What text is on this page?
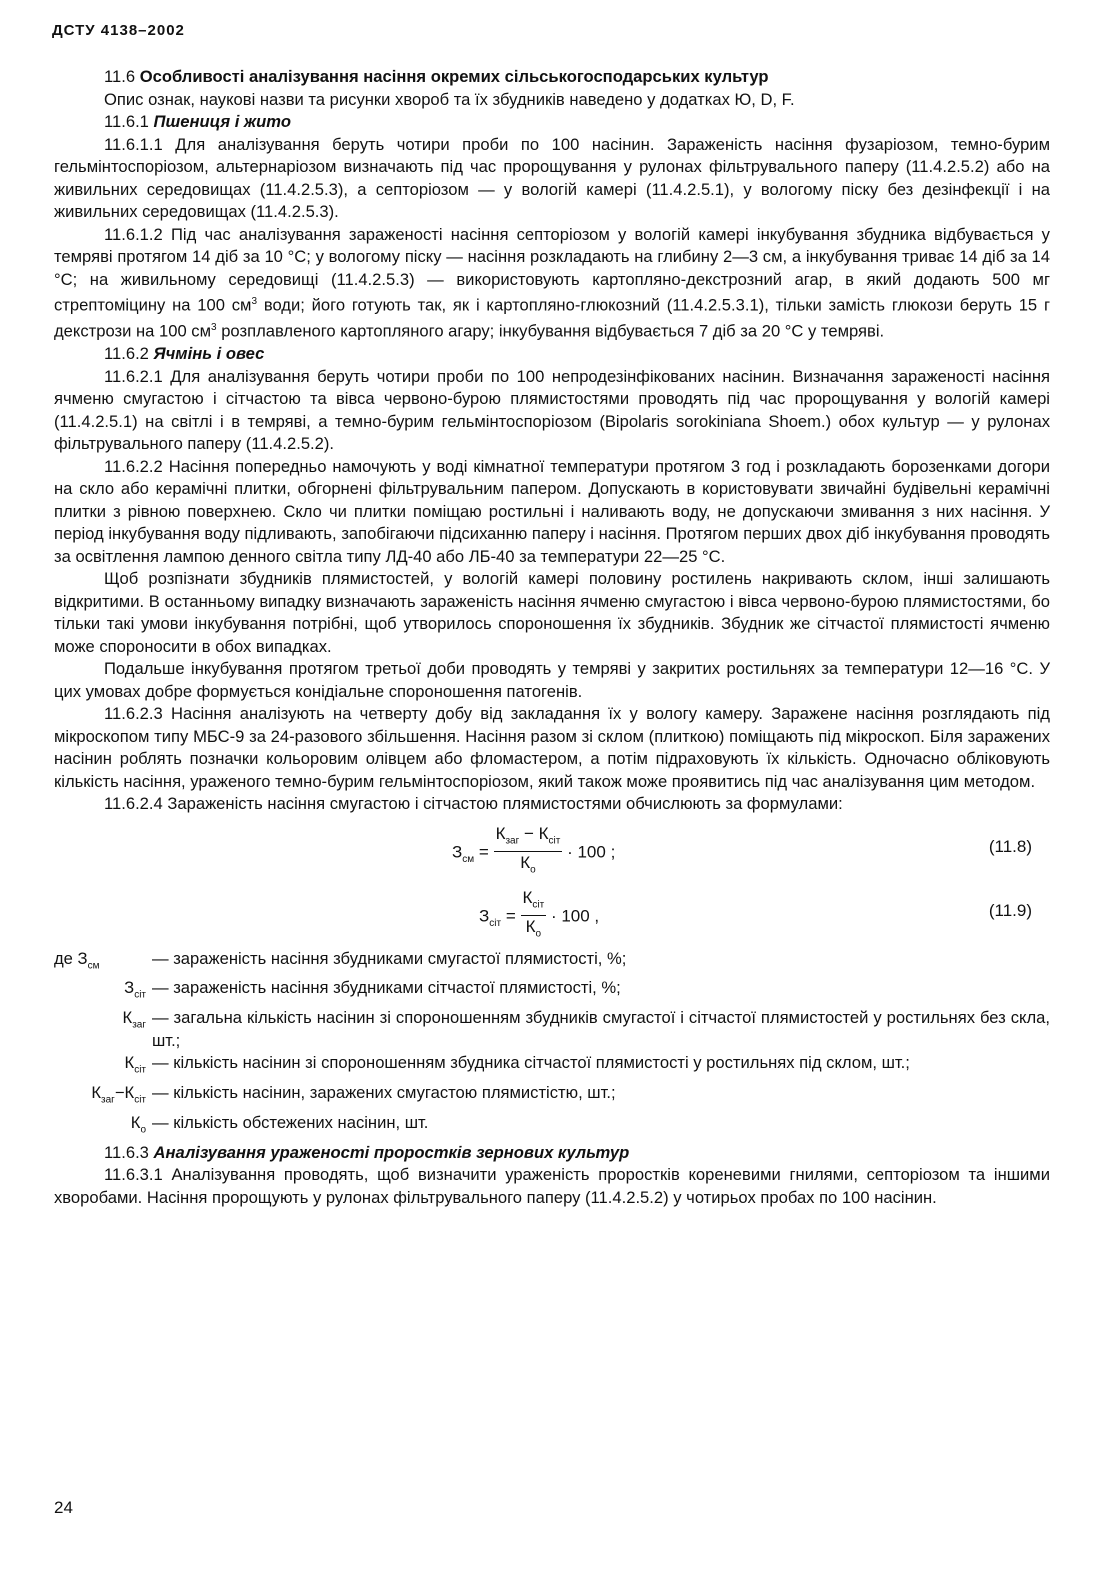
ДСТУ 4138–2002

11.6 Особливості аналізування насіння окремих сільськогосподарських культур

Опис ознак, наукові назви та рисунки хвороб та їх збудників наведено у додатках Ю, D, F.

11.6.1 Пшениця і жито

11.6.1.1 Для аналізування беруть чотири проби по 100 насінин. Зараженість насіння фузаріозом, темно-бурим гельмінтоспоріозом, альтернаріозом визначають під час пророщування у рулонах фільтрувального паперу (11.4.2.5.2) або на живильних середовищах (11.4.2.5.3), а септоріозом — у вологій камері (11.4.2.5.1), у вологому піску без дезінфекції і на живильних середовищах (11.4.2.5.3).

11.6.1.2 Під час аналізування зараженості насіння септоріозом у вологій камері інкубування збудника відбувається у темряві протягом 14 діб за 10 °С; у вологому піску — насіння розкладають на глибину 2—3 см, а інкубування триває 14 діб за 14 °С; на живильному середовищі (11.4.2.5.3) — використовують картопляно-декстрозний агар, в який додають 500 мг стрептоміцину на 100 $см^3$ води; його готують так, як і картопляно-глюкозний (11.4.2.5.3.1), тільки замість глюкози беруть 15 г декстрози на 100 $см^3$ розплавленого картопляного агару; інкубування відбувається 7 діб за 20 °С у темряві.

11.6.2 Ячмінь і овес

11.6.2.1 Для аналізування беруть чотири проби по 100 непродезінфікованих насінин. Визначання зараженості насіння ячменю смугастою і сітчастою та вівса червоно-бурою плямистостями проводять під час пророщування у вологій камері (11.4.2.5.1) на світлі і в темряві, а темно-бурим гельмінтоспоріозом (Bipolaris sorokiniana Shoem.) обох культур — у рулонах фільтрувального паперу (11.4.2.5.2).

11.6.2.2 Насіння попередньо намочують у воді кімнатної температури протягом 3 год і розкладають борозенками догори на скло або керамічні плитки, обгорнені фільтрувальним папером. Допускають в користовувати звичайні будівельні керамічні плитки з рівною поверхнею. Скло чи плитки поміщаю ростильні і наливають воду, не допускаючи змивання з них насіння. У період інкубування воду підливають, запобігаючи підсиханню паперу і насіння. Протягом перших двох діб інкубування проводять за освітлення лампою денного світла типу ЛД-40 або ЛБ-40 за температури 22—25 °С.

Щоб розпізнати збудників плямистостей, у вологій камері половину ростилень накривають склом, інші залишають відкритими. В останньому випадку визначають зараженість насіння ячменю смугастою і вівса червоно-бурою плямистостями, бо тільки такі умови інкубування потрібні, щоб утворилось спороношення їх збудників. Збудник же сітчастої плямистості ячменю може спороносити в обох випадках.

Подальше інкубування протягом третьої доби проводять у темряві у закритих ростильнях за температури 12—16 °С. У цих умовах добре формується конідіальне спороношення патогенів.

11.6.2.3 Насіння аналізують на четверту добу від закладання їх у вологу камеру. Заражене насіння розглядають під мікроскопом типу МБС-9 за 24-разового збільшення. Насіння разом зі склом (плиткою) поміщають під мікроскоп. Біля заражених насінин роблять позначки кольоровим олівцем або фломастером, а потім підраховують їх кількість. Одночасно обліковують кількість насіння, ураженого темно-бурим гельмінтоспоріозом, який також може проявитись під час аналізування цим методом.

11.6.2.4 Зараженість насіння смугастою і сітчастою плямистостями обчислюють за формулами:

$З_{см} = \frac{К_{заг} - К_{сіт}}{К_о} \cdot 100$ ;	(11.8)
$З_{сіт} = \frac{К_{сіт}}{К_о} \cdot 100$ ,	(11.9)
де $З_{см}$	— зараженість насіння збудниками смугастої плямистості, %;
$З_{сіт}$ — зараженість насіння збудниками сітчастої плямистості, %;
$К_{заг}$ — загальна кількість насінин зі спороношенням збудників смугастої і сітчастої плямистостей у ростильнях без скла, шт.;
$К_{сіт}$ — кількість насінин зі спороношенням збудника сітчастої плямистості у ростильнях під склом, шт.;
$К_{заг}-К_{сіт}$ — кількість насінин, заражених смугастою плямистістю, шт.;
$К_о$ — кількість обстежених насінин, шт.

11.6.3 Аналізування ураженості проростків зернових культур

11.6.3.1 Аналізування проводять, щоб визначити ураженість проростків кореневими гнилями, септоріозом та іншими хворобами. Насіння пророщують у рулонах фільтрувального паперу (11.4.2.5.2) у чотирьох пробах по 100 насінин.

24
